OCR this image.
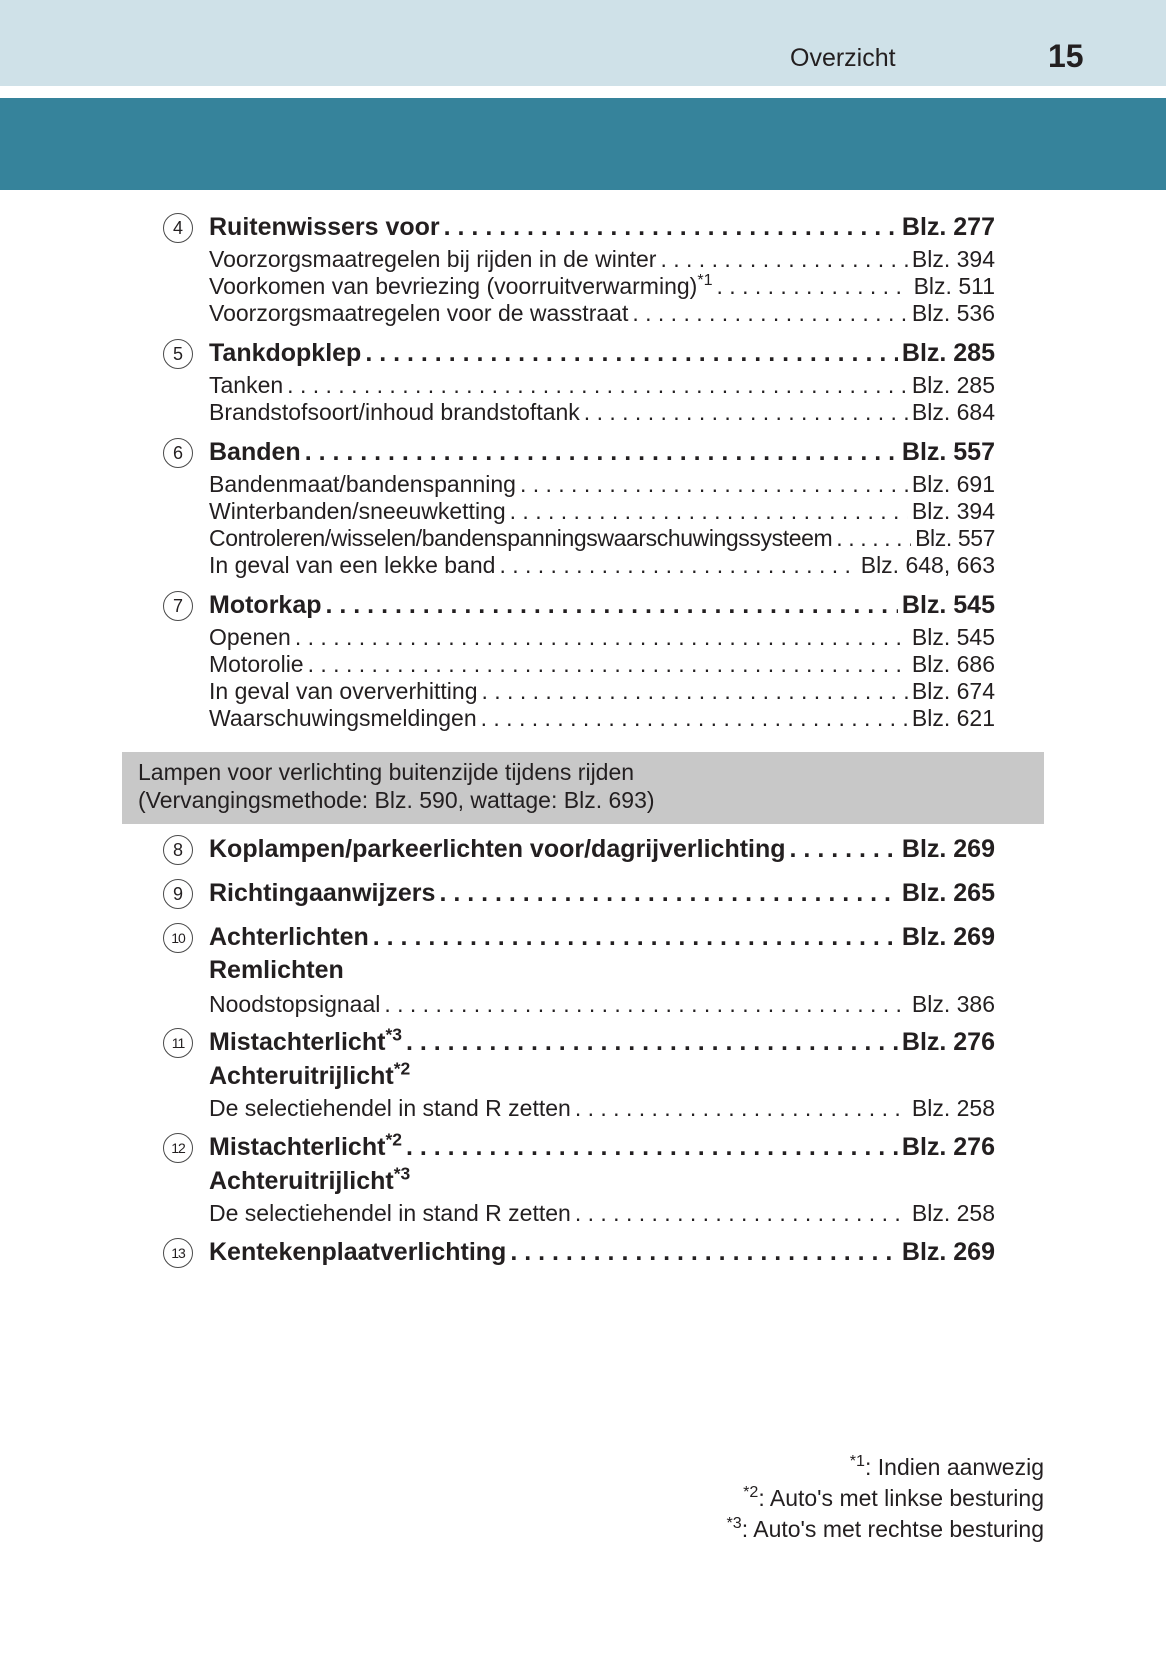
Overzicht	15
4	Ruitenwissers voor . . .	Blz. 277
Voorzorgsmaatregelen bij rijden in de winter . . .	Blz. 394
Voorkomen van bevriezing (voorruitverwarming)$^{*1}$ . . .	Blz. 511
Voorzorgsmaatregelen voor de wasstraat . . .	Blz. 536
5	Tankdopklep . . .	Blz. 285
Tanken . . .	Blz. 285
Brandstofsoort/inhoud brandstoftank . . .	Blz. 684
6	Banden . . .	Blz. 557
Bandenmaat/bandenspanning . . .	Blz. 691
Winterbanden/sneeuwketting . . .	Blz. 394
Controleren/wisselen/bandenspanningswaarschuwingssysteem . . .	Blz. 557
In geval van een lekke band . . .	Blz. 648, 663
7	Motorkap . . .	Blz. 545
Openen . . .	Blz. 545
Motorolie . . .	Blz. 686
In geval van oververhitting . . .	Blz. 674
Waarschuwingsmeldingen . . .	Blz. 621
Lampen voor verlichting buitenzijde tijdens rijden
(Vervangingsmethode: Blz. 590, wattage: Blz. 693)
8	Koplampen/parkeerlichten voor/dagrijverlichting . . .	Blz. 269
9	Richtingaanwijzers . . .	Blz. 265
10 Achterlichten . . .	Blz. 269
Remlichten
Noodstopsignaal . . .	Blz. 386
11 Mistachterlicht$^{*3}$ . . .	Blz. 276
Achteruitrijlicht$^{*2}$
De selectiehendel in stand R zetten . . .	Blz. 258
12 Mistachterlicht$^{*2}$ . . .	Blz. 276
Achteruitrijlicht$^{*3}$
De selectiehendel in stand R zetten . . .	Blz. 258
13 Kentekenplaatverlichting . . .	Blz. 269
$^{*1}$: Indien aanwezig
$^{*2}$: Auto's met linkse besturing
$^{*3}$: Auto's met rechtse besturing
